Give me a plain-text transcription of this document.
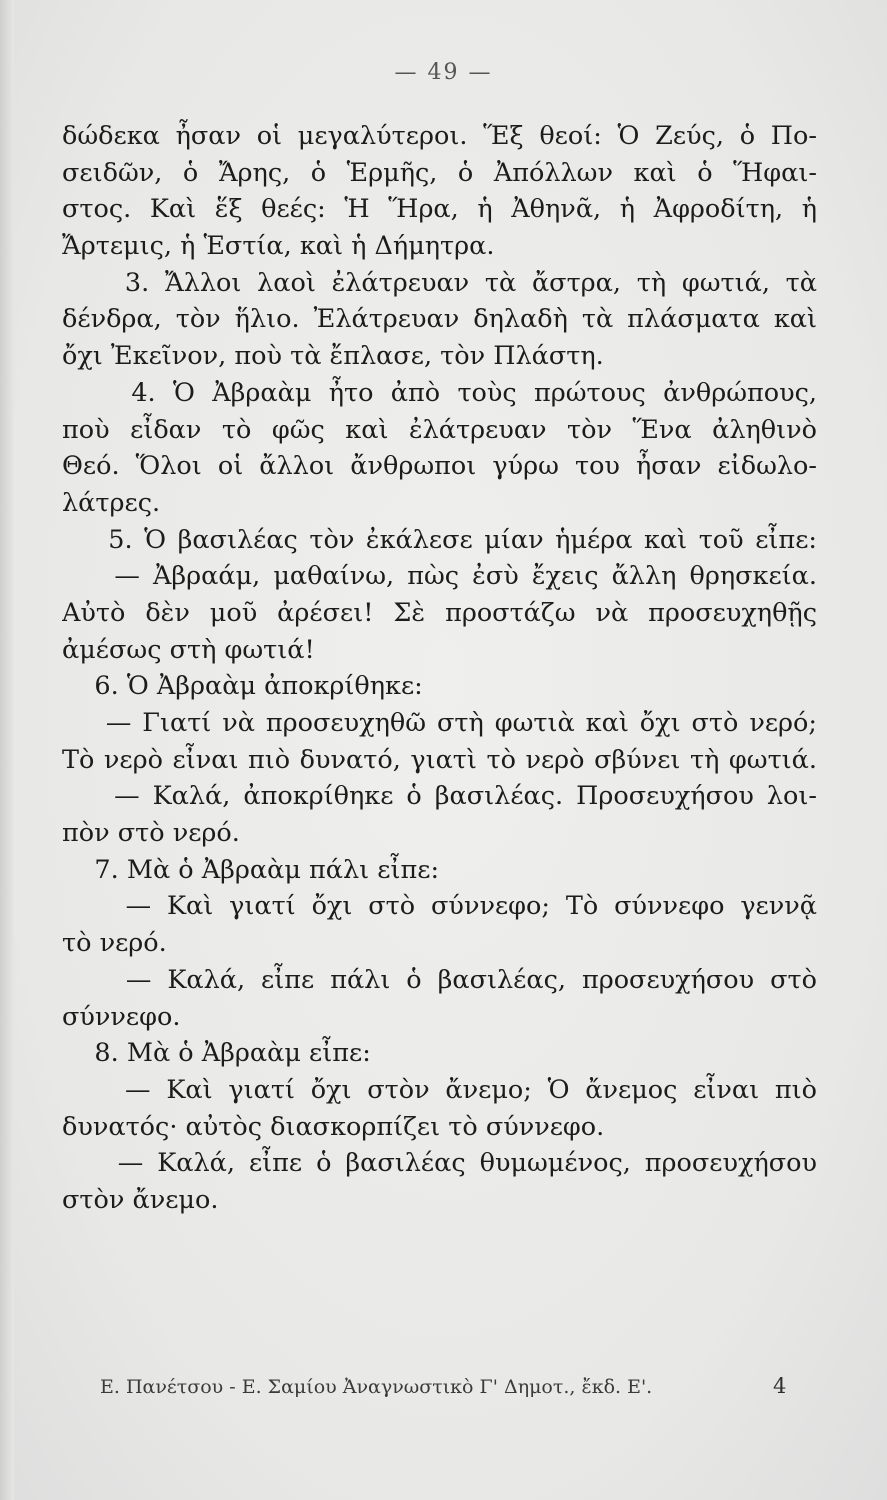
— 49 —
δώδεκα ἦσαν οἱ μεγαλύτεροι. Ἕξ θεοί: Ὁ Ζεύς, ὁ Πο-
σειδῶν, ὁ Ἄρης, ὁ Ἑρμῆς, ὁ Ἀπόλλων καὶ ὁ Ἥφαι-
στος. Καὶ ἕξ θεές: Ἡ Ἥρα, ἡ Ἀθηνᾶ, ἡ Ἀφροδίτη, ἡ
Ἄρτεμις, ἡ Ἑστία, καὶ ἡ Δήμητρα.
3. Ἄλλοι λαοὶ ἐλάτρευαν τὰ ἄστρα, τὴ φωτιά, τὰ
δένδρα, τὸν ἥλιο. Ἐλάτρευαν δηλαδὴ τὰ πλάσματα καὶ
ὄχι Ἐκεῖνον, ποὺ τὰ ἔπλασε, τὸν Πλάστη.
4. Ὁ Ἀβραὰμ ἦτο ἀπὸ τοὺς πρώτους ἀνθρώπους,
ποὺ εἶδαν τὸ φῶς καὶ ἐλάτρευαν τὸν Ἕνα ἀληθινὸ
Θεό. Ὅλοι οἱ ἄλλοι ἄνθρωποι γύρω του ἦσαν εἰδωλο-
λάτρες.
5. Ὁ βασιλέας τὸν ἐκάλεσε μίαν ἡμέρα καὶ τοῦ εἶπε:
— Ἀβραάμ, μαθαίνω, πὼς ἐσὺ ἔχεις ἄλλη θρησκεία.
Αὐτὸ δὲν μοῦ ἀρέσει! Σὲ προστάζω νὰ προσευχηθῇς
ἀμέσως στὴ φωτιά!
6. Ὁ Ἀβραὰμ ἀποκρίθηκε:
— Γιατί νὰ προσευχηθῶ στὴ φωτιὰ καὶ ὄχι στὸ νερό;
Τὸ νερὸ εἶναι πιὸ δυνατό, γιατὶ τὸ νερὸ σβύνει τὴ φωτιά.
— Καλά, ἀποκρίθηκε ὁ βασιλέας. Προσευχήσου λοι-
πὸν στὸ νερό.
7. Μὰ ὁ Ἀβραὰμ πάλι εἶπε:
— Καὶ γιατί ὄχι στὸ σύννεφο; Τὸ σύννεφο γεννᾷ
τὸ νερό.
— Καλά, εἶπε πάλι ὁ βασιλέας, προσευχήσου στὸ
σύννεφο.
8. Μὰ ὁ Ἀβραὰμ εἶπε:
— Καὶ γιατί ὄχι στὸν ἄνεμο; Ὁ ἄνεμος εἶναι πιὸ
δυνατός· αὐτὸς διασκορπίζει τὸ σύννεφο.
— Καλά, εἶπε ὁ βασιλέας θυμωμένος, προσευχήσου
στὸν ἄνεμο.
Ε. Πανέτσου - Ε. Σαμίου Ἀναγνωστικὸ Γ' Δημοτ., ἔκδ. Ε'.	4
